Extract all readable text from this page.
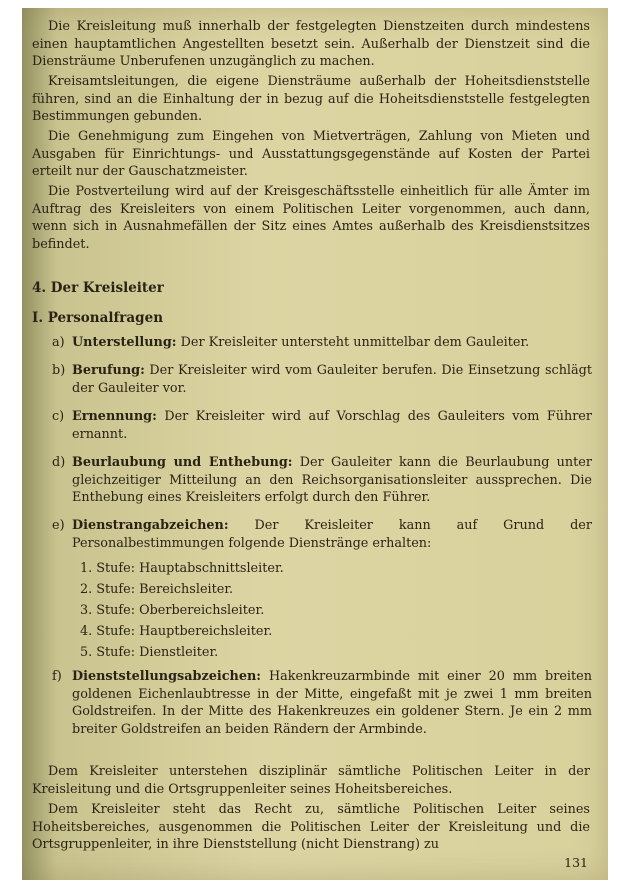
Die Kreisleitung muß innerhalb der festgelegten Dienstzeiten durch mindestens einen hauptamtlichen Angestellten besetzt sein. Außerhalb der Dienstzeit sind die Diensträume Unberufenen unzugänglich zu machen.
Kreisamtsleitungen, die eigene Diensträume außerhalb der Hoheitsdienststelle führen, sind an die Einhaltung der in bezug auf die Hoheitsdienststelle festgelegten Bestimmungen gebunden.
Die Genehmigung zum Eingehen von Mietverträgen, Zahlung von Mieten und Ausgaben für Einrichtungs- und Ausstattungsgegenstände auf Kosten der Partei erteilt nur der Gauschatzmeister.
Die Postverteilung wird auf der Kreisgeschäftsstelle einheitlich für alle Ämter im Auftrag des Kreisleiters von einem Politischen Leiter vorgenommen, auch dann, wenn sich in Ausnahmefällen der Sitz eines Amtes außerhalb des Kreisdienstsitzes befindet.
4. Der Kreisleiter
I. Personalfragen
a) Unterstellung: Der Kreisleiter untersteht unmittelbar dem Gauleiter.
b) Berufung: Der Kreisleiter wird vom Gauleiter berufen. Die Einsetzung schlägt der Gauleiter vor.
c) Ernennung: Der Kreisleiter wird auf Vorschlag des Gauleiters vom Führer ernannt.
d) Beurlaubung und Enthebung: Der Gauleiter kann die Beurlaubung unter gleichzeitiger Mitteilung an den Reichsorganisationsleiter aussprechen. Die Enthebung eines Kreisleiters erfolgt durch den Führer.
e) Dienstrangabzeichen: Der Kreisleiter kann auf Grund der Personalbestimmungen folgende Dienstränge erhalten:
1. Stufe: Hauptabschnittsleiter.
2. Stufe: Bereichsleiter.
3. Stufe: Oberbereichsleiter.
4. Stufe: Hauptbereichsleiter.
5. Stufe: Dienstleiter.
f) Dienststellungsabzeichen: Hakenkreuzarmbinde mit einer 20 mm breiten goldenen Eichenlaubtresse in der Mitte, eingefaßt mit je zwei 1 mm breiten Goldstreifen. In der Mitte des Hakenkreuzes ein goldener Stern. Je ein 2 mm breiter Goldstreifen an beiden Rändern der Armbinde.
Dem Kreisleiter unterstehen disziplinär sämtliche Politischen Leiter in der Kreisleitung und die Ortsgruppenleiter seines Hoheitsbereiches.
Dem Kreisleiter steht das Recht zu, sämtliche Politischen Leiter seines Hoheitsbereiches, ausgenommen die Politischen Leiter der Kreisleitung und die Ortsgruppenleiter, in ihre Dienststellung (nicht Dienstrang) zu
131
